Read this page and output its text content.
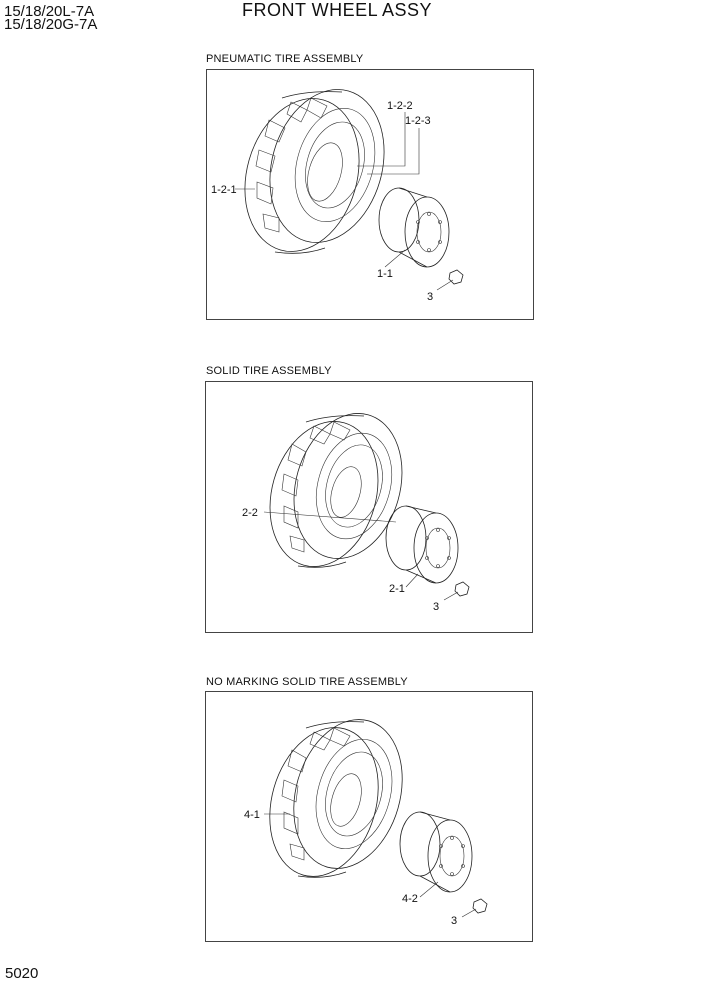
15/18/20L-7A
15/18/20G-7A
FRONT WHEEL ASSY
PNEUMATIC TIRE ASSEMBLY
1-2-1
1-2-2
1-2-3
1-1
3
SOLID TIRE ASSEMBLY
2-2
2-1
3
NO MARKING SOLID TIRE ASSEMBLY
4-1
4-2
3
5020
